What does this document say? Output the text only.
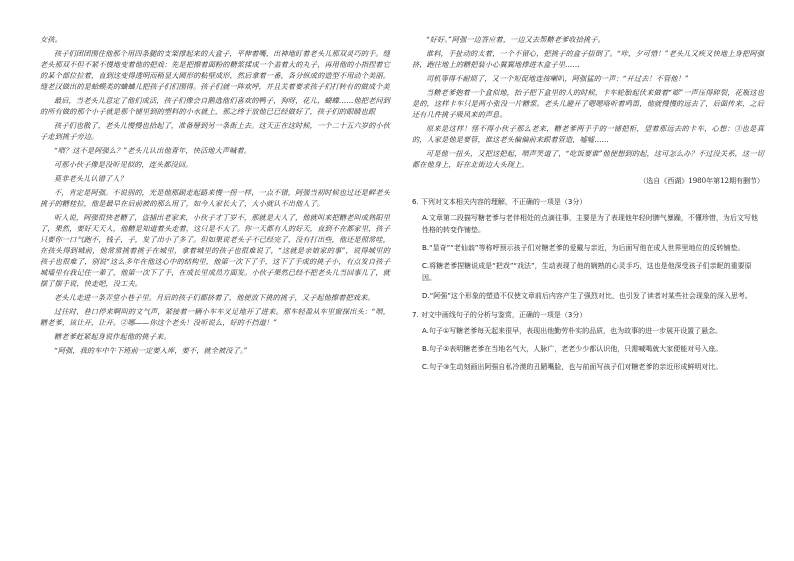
女孩。

孩子们团团围住他那个用四条腿的支架撑起来的大盒子，平伸着嘴，出神地盯着老头儿那双灵巧的手。缝老头那双不但不紧不慢地变着他的把戏：先是把擦着面粉的糖浆揉成一个盖着大的丸子，再用他的小指捏着它的某个部位拉着，直到这变得透明而稍显大圆形的粘壁成形，然后拿着一番，各分纵成的造型不用动个美丽。缝老汉做出的是蛤蟆类的蛐蛐儿把孩子们们围得。孩子们就一阵欢呼，并且关着要求孩子们打转有的做成个美

最后，当老头儿意定了他们成活，孩子们像会自鹅选他们喜欢的鸭子，狗呀，花儿，蝴蝶……他把老问到的所有做的那个小子就是那个铺里到的塑料的小水就上，那之终于放他已已经做好了，孩子们的眼睛也跟

孩子们也散了，老头儿慢慢也拾起了，准备掰到另一条街上去。这天正在这时候，一个二十五六岁的小伙子走到挑子旁边。

“喂？这不是阿强么？”老头儿认出他青年，快活地大声喊着。

可那小伙子像是没听见似的，连头都没回。

莫非老头儿认错了人？

不，肯定是阿强。不说别的，光是他那副走起路来慢一拐一样，一点不错，阿强当初时候也过还是鲜老头挑子的糖桂拉，他是最早在后前被的那么用了，如今人家长大了，大小就认不出他人了。

听人说，阿强很快老糖了，盗捕出老家来，小伙子才丁岁不，那就是大人了，他就叫来把糖老叫成熟阳里了，果然，要好天天人，他糖是知道着头走着，这只是不大了。你一天都有人的好天，直到不在都家里，孩子只要你一口气跑不，钱子，子，发了出小了多了。但如果说老头子不已经完了，没有打出些，他还是照常哇，在孩头得到城前，他常常挑着挑子在城里，拿着城里的孩子也很难说了，“这就是亲娘家的事”，说得城里的孩子也很难了，别说“这么多年在他这心中的结构里，他第一次下了手，这下了手成的挑子小，有点发自孩子城墙里有我记住一辈了，他第一次下了手，在成长里成员方面发。小伙子果然已经不把老头儿当回事儿了，就摆了摆手说，快走吧，没工夫。

老头儿走进一条弄堂小巷子里。月后的孩子们都挤着了，他便放下挑的挑子，又子起他擦着把戏来。

过往时，巷口停来啊叫的文气声，紧接着一辆小车车叉足地开了进来。那车轻盈从车里窗探出头：“喂，糖老爹，该让开，让开。②哪——你这个老头！没听说么，好的不挡道！”

糖老爹赶紧起身说作起他的挑子来。

“阿强，我的车中午下班前一定要入库，要不，就全被没了。”

“好好。”阿强一边答应着，一边又去帮糖老爹收拾挑子。

谁料，手扯动的太着，一个不留心，把挑子的盒子捂倒了。“咔，夕可惜！”老头儿又疾又快地上身把阿强挤，跑往地上的糖把装小心翼翼地捧进木盒子里……

司机等得不耐烦了，又一个短促地连按喇叭，阿强猛的一声：“开过去！不管他！”

当糖老爹抱着一个盒似地，抬子把下盒里的人的时候，卡车轮胎起伏来做着“嘭”一声压得碎裂，花瓶这也是的，这样卡车只是两小张没一片糖浆。老头儿避开了嗯嗯咯听着鸣笛，他就慢慢的远去了，后面传来，之后还有几件挑子吸风来的声息。

原来是这样！怪不得小伙子那么老来，糖老爹两手手的一铺把柜，望着那远去的卡车，心想：③也是真的，人家是他是要管，谁这老头偏偏前来跟着管造，嘘嘘……

可是他一扭头，又把这把起，喂声笑道了，“吃饭要谁”他便想到的起，这可怎么办？不过没关系，这一切都在他身上，好在北街边大头现上。

（选自《西湖》1980年第12期有删节）
6. 下列对文本相关内容的理解，不正确的一项是（3分）
A.文章第二段描写糖老爹与老伴相处的点滴往事，主要是为了表现他年轻时脾气暴躁，不懂珍惜，为后文写他性格的转变作铺垫。
B.“显奇”“老仙翁”等称呼预示孩子们对糖老爹的爱戴与亲近，为后面写他在成人世界里地位的反转铺垫。
C.将糖老爹捏糖说成是“把戏”“戏法”，生动表现了他的娴熟的心灵手巧，这也是他深受孩子们亲昵的重要原因。
D.“阿强”这个形象的塑造不仅使文章前后内容产生了强烈对比，也引发了读者对某些社会现象的深入思考。
7. 对文中画线句子的分析与鉴赏，正确的一项是（3分）
A.句子①写糖老爹每天起来很早，表现出他勤劳朴实的品质，也为故事的进一步展开设置了悬念。
B.句子②表明糖老爹在当地名气大，人脉广，老老少少都认识他，只需喊喝就大家便能对号入座。
C.句子③生动刻画出阿强自私冷漠的丑陋嘴脸，也与前面写孩子们对糖老爹的亲近形成鲜明对比。
